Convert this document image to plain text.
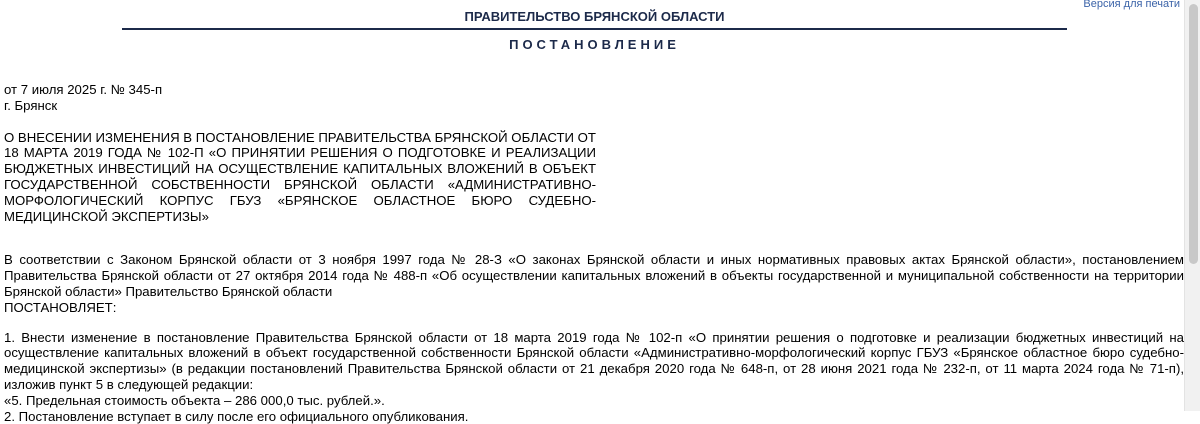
Версия для печати
ПРАВИТЕЛЬСТВО БРЯНСКОЙ ОБЛАСТИ
ПОСТАНОВЛЕНИЕ

от 7 июля 2025 г. № 345-п

г. Брянск

О ВНЕСЕНИИ ИЗМЕНЕНИЯ В ПОСТАНОВЛЕНИЕ ПРАВИТЕЛЬСТВА БРЯНСКОЙ ОБЛАСТИ ОТ 18 МАРТА 2019 ГОДА № 102-П «О ПРИНЯТИИ РЕШЕНИЯ О ПОДГОТОВКЕ И РЕАЛИЗАЦИИ БЮДЖЕТНЫХ ИНВЕСТИЦИЙ НА ОСУЩЕСТВЛЕНИЕ КАПИТАЛЬНЫХ ВЛОЖЕНИЙ В ОБЪЕКТ ГОСУДАРСТВЕННОЙ СОБСТВЕННОСТИ БРЯНСКОЙ ОБЛАСТИ «АДМИНИСТРАТИВНО-МОРФОЛОГИЧЕСКИЙ КОРПУС ГБУЗ «БРЯНСКОЕ ОБЛАСТНОЕ БЮРО СУДЕБНО-МЕДИЦИНСКОЙ ЭКСПЕРТИЗЫ»

В соответствии с Законом Брянской области от 3 ноября 1997 года № 28-З «О законах Брянской области и иных нормативных правовых актах Брянской области», постановлением Правительства Брянской области от 27 октября 2014 года № 488-п «Об осуществлении капитальных вложений в объекты государственной и муниципальной собственности на территории Брянской области» Правительство Брянской области

ПОСТАНОВЛЯЕТ:

1. Внести изменение в постановление Правительства Брянской области от 18 марта 2019 года № 102-п «О принятии решения о подготовке и реализации бюджетных инвестиций на осуществление капитальных вложений в объект государственной собственности Брянской области «Административно-морфологический корпус ГБУЗ «Брянское областное бюро судебно-медицинской экспертизы» (в редакции постановлений Правительства Брянской области от 21 декабря 2020 года № 648-п, от 28 июня 2021 года № 232-п, от 11 марта 2024 года № 71-п), изложив пункт 5 в следующей редакции:

«5. Предельная стоимость объекта – 286 000,0 тыс. рублей.».

2. Постановление вступает в силу после его официального опубликования.
